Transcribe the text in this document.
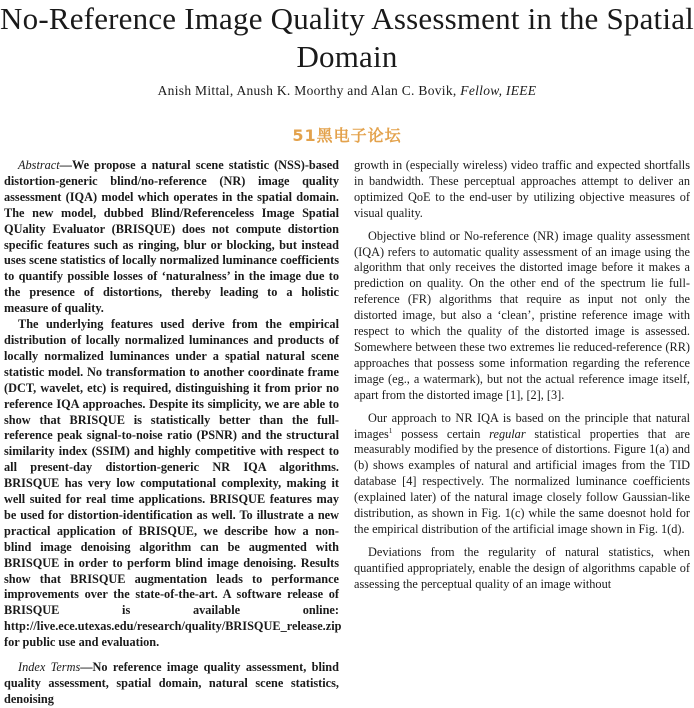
No-Reference Image Quality Assessment in the Spatial Domain
Anish Mittal, Anush K. Moorthy and Alan C. Bovik, Fellow, IEEE
51黑电子论坛

Abstract—We propose a natural scene statistic (NSS)-based distortion-generic blind/no-reference (NR) image quality assessment (IQA) model which operates in the spatial domain. The new model, dubbed Blind/Referenceless Image Spatial QUality Evaluator (BRISQUE) does not compute distortion specific features such as ringing, blur or blocking, but instead uses scene statistics of locally normalized luminance coefficients to quantify possible losses of ‘naturalness’ in the image due to the presence of distortions, thereby leading to a holistic measure of quality.

The underlying features used derive from the empirical distribution of locally normalized luminances and products of locally normalized luminances under a spatial natural scene statistic model. No transformation to another coordinate frame (DCT, wavelet, etc) is required, distinguishing it from prior no reference IQA approaches. Despite its simplicity, we are able to show that BRISQUE is statistically better than the full-reference peak signal-to-noise ratio (PSNR) and the structural similarity index (SSIM) and highly competitive with respect to all present-day distortion-generic NR IQA algorithms. BRISQUE has very low computational complexity, making it well suited for real time applications. BRISQUE features may be used for distortion-identification as well. To illustrate a new practical application of BRISQUE, we describe how a non-blind image denoising algorithm can be augmented with BRISQUE in order to perform blind image denoising. Results show that BRISQUE augmentation leads to performance improvements over the state-of-the-art. A software release of BRISQUE is available online: http://live.ece.utexas.edu/research/quality/BRISQUE_release.zip for public use and evaluation.

Index Terms—No reference image quality assessment, blind quality assessment, spatial domain, natural scene statistics, denoising

growth in (especially wireless) video traffic and expected shortfalls in bandwidth. These perceptual approaches attempt to deliver an optimized QoE to the end-user by utilizing objective measures of visual quality.

Objective blind or No-reference (NR) image quality assessment (IQA) refers to automatic quality assessment of an image using the algorithm that only receives the distorted image before it makes a prediction on quality. On the other end of the spectrum lie full-reference (FR) algorithms that require as input not only the distorted image, but also a ‘clean’, pristine reference image with respect to which the quality of the distorted image is assessed. Somewhere between these two extremes lie reduced-reference (RR) approaches that possess some information regarding the reference image (eg., a watermark), but not the actual reference image itself, apart from the distorted image [1], [2], [3].

Our approach to NR IQA is based on the principle that natural images$^1$ possess certain regular statistical properties that are measurably modified by the presence of distortions. Figure 1(a) and (b) shows examples of natural and artificial images from the TID database [4] respectively. The normalized luminance coefficients (explained later) of the natural image closely follow Gaussian-like distribution, as shown in Fig. 1(c) while the same doesnot hold for the empirical distribution of the artificial image shown in Fig. 1(d).

Deviations from the regularity of natural statistics, when quantified appropriately, enable the design of algorithms capable of assessing the perceptual quality of an image without
